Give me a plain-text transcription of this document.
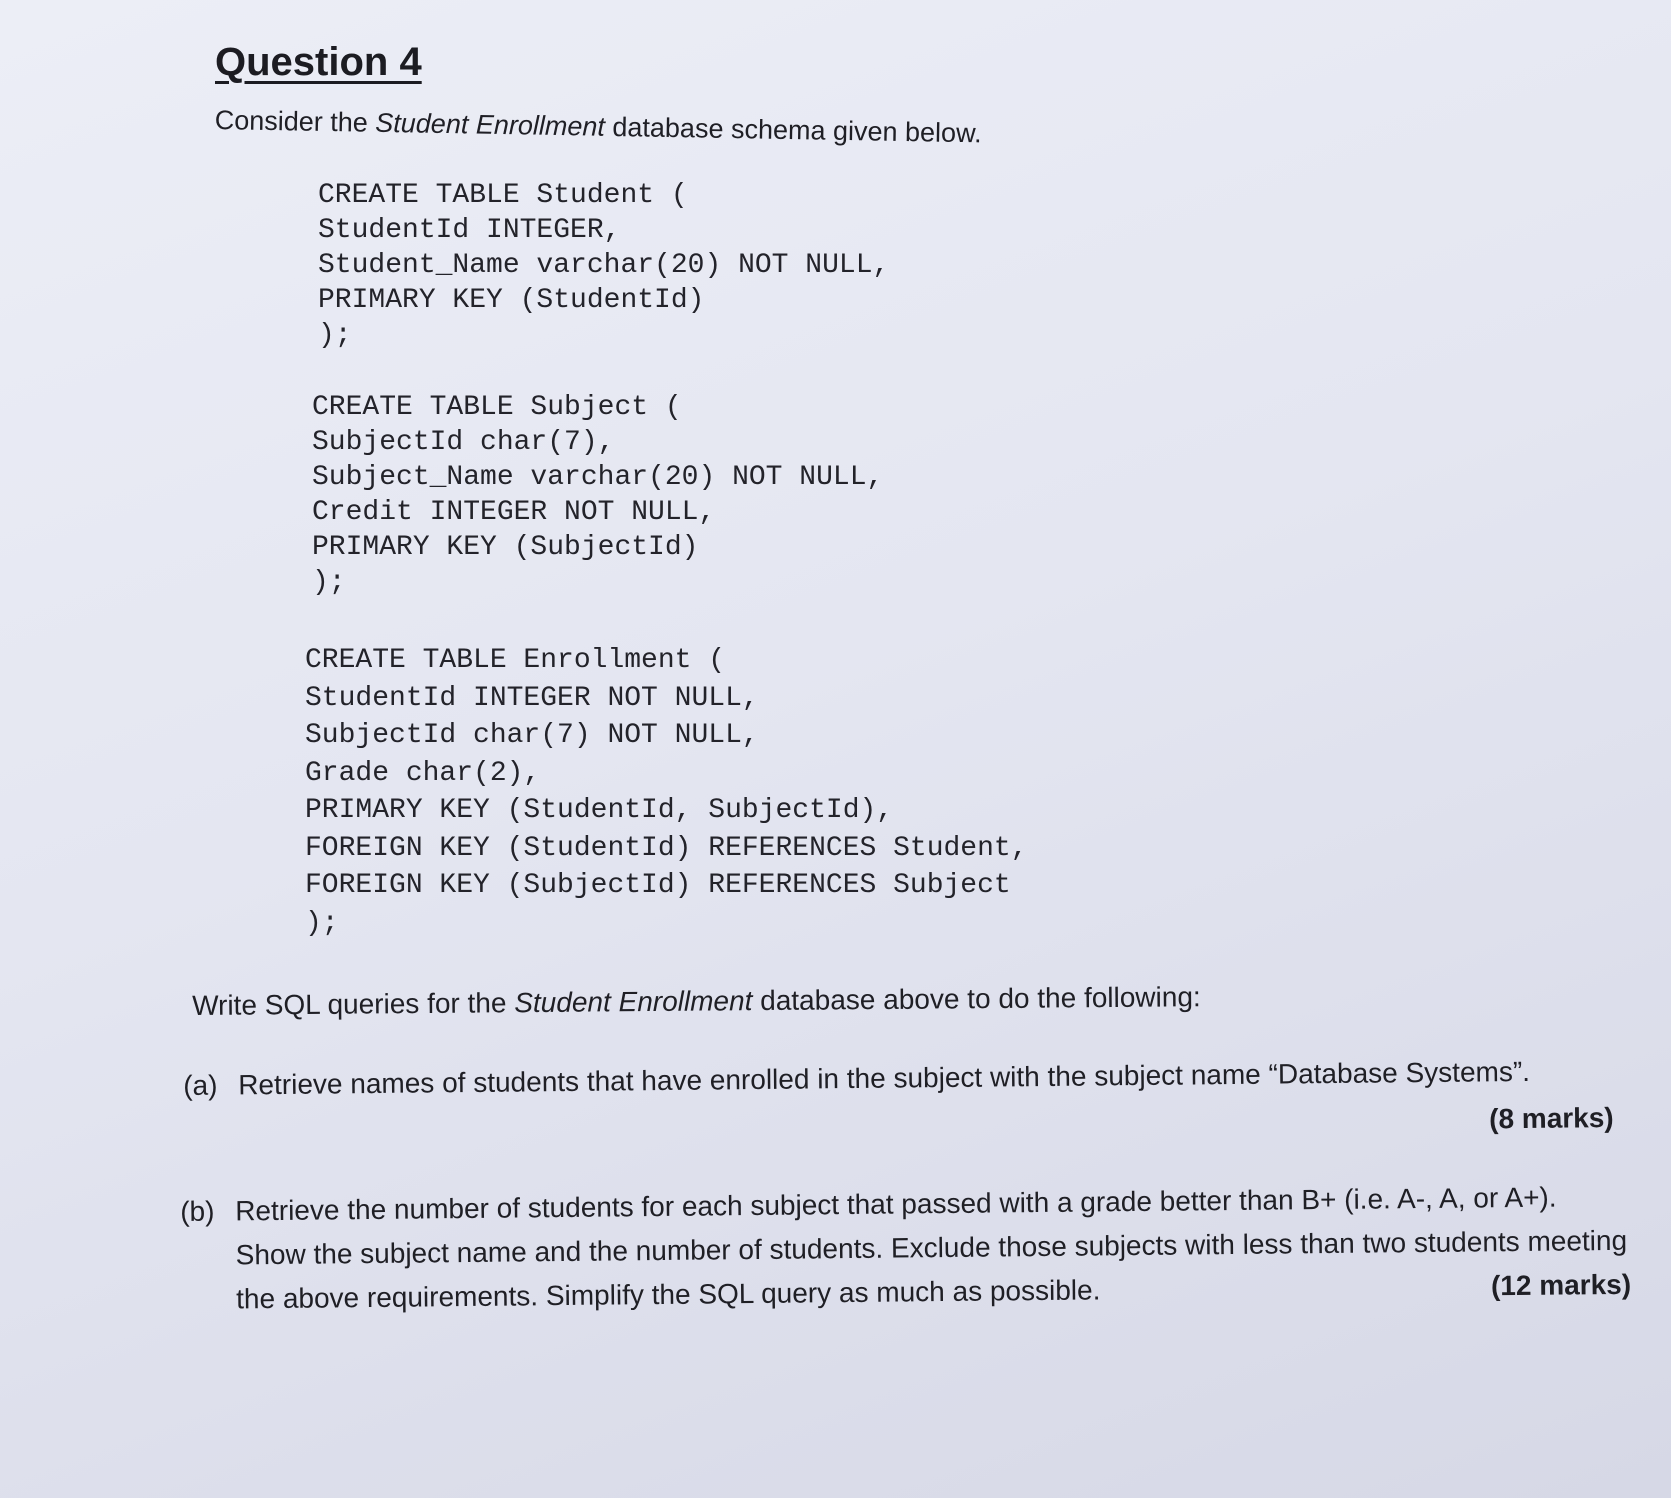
Question 4
Consider the Student Enrollment database schema given below.
CREATE TABLE Student (
StudentId INTEGER,
Student_Name varchar(20) NOT NULL,
PRIMARY KEY (StudentId)
);
CREATE TABLE Subject (
SubjectId char(7),
Subject_Name varchar(20) NOT NULL,
Credit INTEGER NOT NULL,
PRIMARY KEY (SubjectId)
);
CREATE TABLE Enrollment (
StudentId INTEGER NOT NULL,
SubjectId char(7) NOT NULL,
Grade char(2),
PRIMARY KEY (StudentId, SubjectId),
FOREIGN KEY (StudentId) REFERENCES Student,
FOREIGN KEY (SubjectId) REFERENCES Subject
);
Write SQL queries for the Student Enrollment database above to do the following:
(a) Retrieve names of students that have enrolled in the subject with the subject name “Database Systems”.
(8 marks)
(b) Retrieve the number of students for each subject that passed with a grade better than B+ (i.e. A-, A, or A+). Show the subject name and the number of students. Exclude those subjects with less than two students meeting the above requirements. Simplify the SQL query as much as possible.	(12 marks)
